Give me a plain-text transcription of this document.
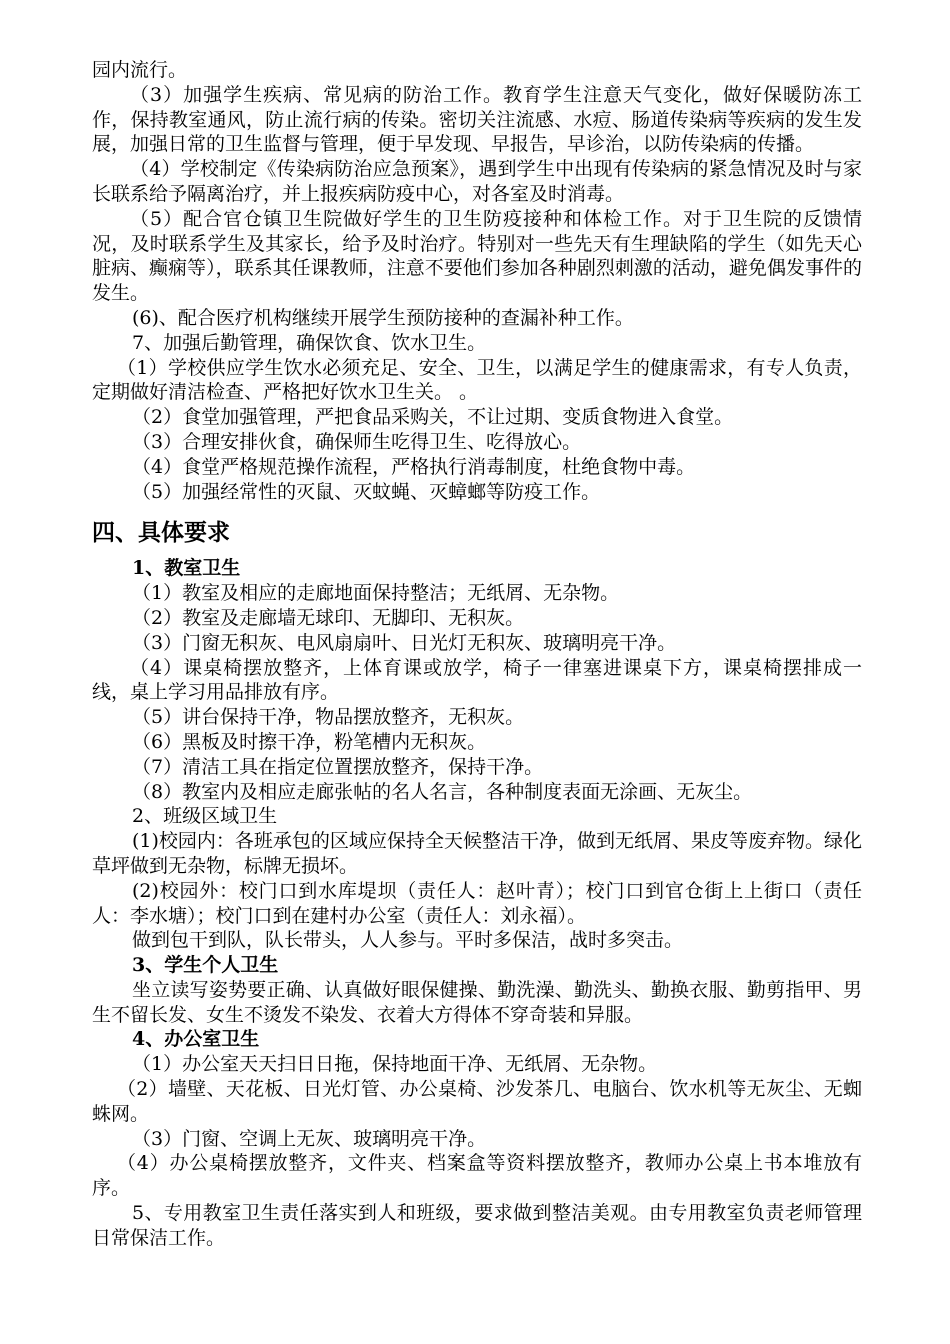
园内流行。

（3）加强学生疾病、常见病的防治工作。教育学生注意天气变化，做好保暖防冻工作，保持教室通风，防止流行病的传染。密切关注流感、水痘、肠道传染病等疾病的发生发展，加强日常的卫生监督与管理，便于早发现、早报告，早诊治，以防传染病的传播。

（4）学校制定《传染病防治应急预案》，遇到学生中出现有传染病的紧急情况及时与家长联系给予隔离治疗，并上报疾病防疫中心，对各室及时消毒。

（5）配合官仓镇卫生院做好学生的卫生防疫接种和体检工作。对于卫生院的反馈情况，及时联系学生及其家长，给予及时治疗。特别对一些先天有生理缺陷的学生（如先天心脏病、癫痫等），联系其任课教师，注意不要他们参加各种剧烈刺激的活动，避免偶发事件的发生。

(6)、配合医疗机构继续开展学生预防接种的查漏补种工作。

7、加强后勤管理，确保饮食、饮水卫生。

（1）学校供应学生饮水必须充足、安全、卫生，以满足学生的健康需求，有专人负责，定期做好清洁检查、严格把好饮水卫生关。 。

（2）食堂加强管理，严把食品采购关，不让过期、变质食物进入食堂。

（3）合理安排伙食，确保师生吃得卫生、吃得放心。

（4）食堂严格规范操作流程，严格执行消毒制度，杜绝食物中毒。

（5）加强经常性的灭鼠、灭蚊蝇、灭蟑螂等防疫工作。

四、具体要求

1、教室卫生

（1）教室及相应的走廊地面保持整洁；无纸屑、无杂物。

（2）教室及走廊墙无球印、无脚印、无积灰。

（3）门窗无积灰、电风扇扇叶、日光灯无积灰、玻璃明亮干净。

（4）课桌椅摆放整齐，上体育课或放学，椅子一律塞进课桌下方，课桌椅摆排成一线，桌上学习用品排放有序。

（5）讲台保持干净，物品摆放整齐，无积灰。

（6）黑板及时擦干净，粉笔槽内无积灰。

（7）清洁工具在指定位置摆放整齐，保持干净。

（8）教室内及相应走廊张帖的名人名言，各种制度表面无涂画、无灰尘。

2、班级区域卫生

(1)校园内：各班承包的区域应保持全天候整洁干净，做到无纸屑、果皮等废弃物。绿化草坪做到无杂物，标牌无损坏。

(2)校园外：校门口到水库堤坝（责任人：赵叶青）；校门口到官仓街上上街口（责任人：李水塘）；校门口到在建村办公室（责任人：刘永福）。

做到包干到队，队长带头，人人参与。平时多保洁，战时多突击。

3、学生个人卫生

坐立读写姿势要正确、认真做好眼保健操、勤洗澡、勤洗头、勤换衣服、勤剪指甲、男生不留长发、女生不烫发不染发、衣着大方得体不穿奇装和异服。

4、办公室卫生

（1）办公室天天扫日日拖，保持地面干净、无纸屑、无杂物。

（2）墙壁、天花板、日光灯管、办公桌椅、沙发茶几、电脑台、饮水机等无灰尘、无蜘蛛网。

（3）门窗、空调上无灰、玻璃明亮干净。

（4）办公桌椅摆放整齐，文件夹、档案盒等资料摆放整齐，教师办公桌上书本堆放有序。

5、专用教室卫生责任落实到人和班级，要求做到整洁美观。由专用教室负责老师管理日常保洁工作。
